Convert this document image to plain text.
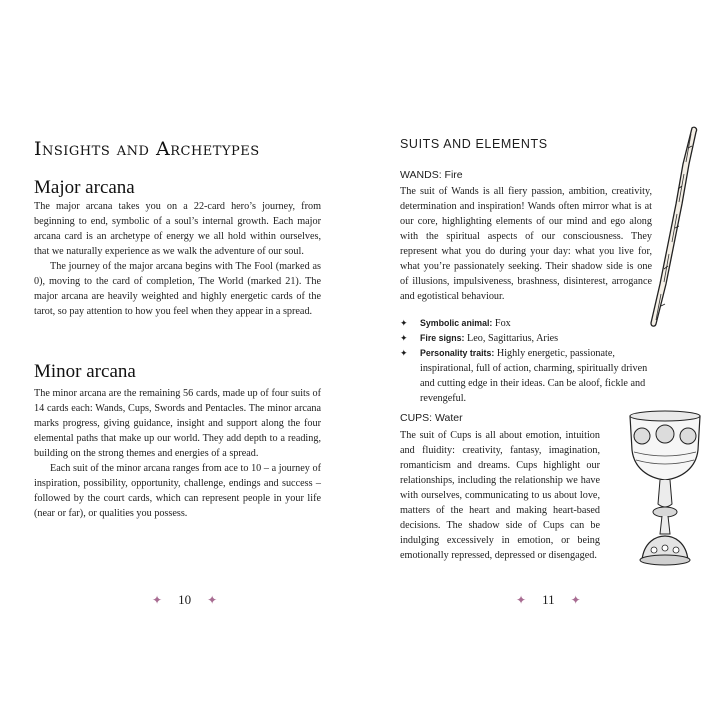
Insights and Archetypes
Major arcana

The major arcana takes you on a 22-card hero’s journey, from beginning to end, symbolic of a soul’s internal growth. Each major arcana card is an archetype of energy we all hold within ourselves, that we naturally experience as we walk the adventure of our soul.

The journey of the major arcana begins with The Fool (marked as 0), moving to the card of completion, The World (marked 21). The major arcana are heavily weighted and highly energetic cards of the tarot, so pay attention to how you feel when they appear in a spread.

Minor arcana

The minor arcana are the remaining 56 cards, made up of four suits of 14 cards each: Wands, Cups, Swords and Pentacles. The minor arcana marks progress, giving guidance, insight and support along the four elemental paths that make up our world. They add depth to a reading, building on the strong themes and energies of a spread.

Each suit of the minor arcana ranges from ace to 10 – a journey of inspiration, possibility, opportunity, challenge, endings and success – followed by the court cards, which can represent people in your life (near or far), or qualities you possess.

✦ 10 ✦
SUITS AND ELEMENTS
WANDS: Fire
The suit of Wands is all fiery passion, ambition, creativity, determination and inspiration! Wands often mirror what is at our core, highlighting elements of our mind and ego along with the spiritual aspects of our consciousness. They represent what you do during your day: what you live for, what you’re passionately seeking. Their shadow side is one of illusions, impulsiveness, brashness, disinterest, arrogance and egotistical behaviour.
✦ Symbolic animal: Fox
✦ Fire signs: Leo, Sagittarius, Aries
✦ Personality traits: Highly energetic, passionate, inspirational, full of action, charming, spiritually driven and cutting edge in their ideas. Can be aloof, fickle and revengeful.
CUPS: Water
The suit of Cups is all about emotion, intuition and fluidity: creativity, fantasy, imagination, romanticism and dreams. Cups highlight our relationships, including the relationship we have with ourselves, communicating to us about love, matters of the heart and making heart-based decisions. The shadow side of Cups can be indulging excessively in emotion, or being emotionally repressed, depressed or disengaged.
✦ 11 ✦
